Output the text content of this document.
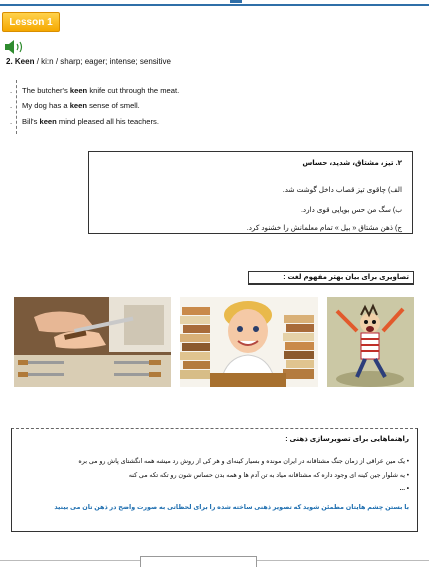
Lesson 1
2. Keen / ki:n / sharp; eager; intense; sensitive
. The butcher's keen knife cut through the meat.
. My dog has a keen sense of smell.
. Bill's keen mind pleased all his teachers.
۲. تیز، مشتاق، شدید، حساس
الف) چاقوی تیز قصاب داخل گوشت شد.
ب) سگ من حس بویایی قوی دارد.
ج) ذهن مشتاق « بیل » تمام معلمانش را خشنود کرد.
تصاویری برای بیان بهتر مفهوم لغت :
راهنماهایی برای تصویرسازی ذهنی :
• یک مین عراقی از زمان جنگ مشتاقانه در ایران مونده و بسیار کینه‌ای و هر کی از روش رد میشه همه انگشتای پاش رو می بره
• یه شلوار جین کینه ای وجود داره که مشتاقانه میاد به تن آدم ها و همه بدن حساس شون رو تکه تکه می کنه
• ...
با بستن چشم هایتان مطمئن شوید که تصویر ذهنی ساخته شده را برای لحظاتی به صورت واضح در ذهن تان می بینید
